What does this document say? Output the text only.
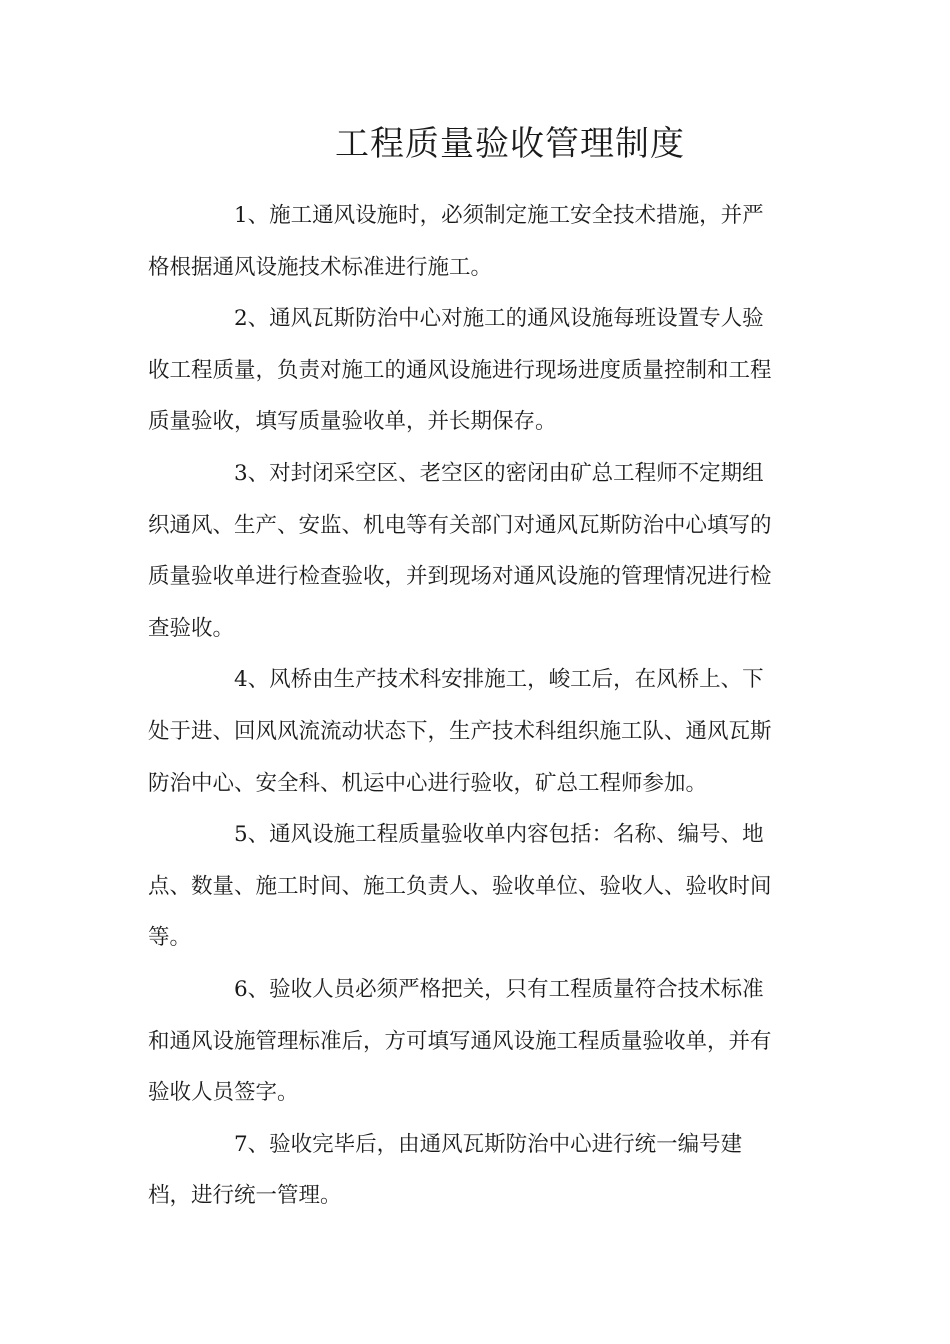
工程质量验收管理制度

1、施工通风设施时，必须制定施工安全技术措施，并严
格根据通风设施技术标准进行施工。

2、通风瓦斯防治中心对施工的通风设施每班设置专人验
收工程质量，负责对施工的通风设施进行现场进度质量控制和工程
质量验收，填写质量验收单，并长期保存。

3、对封闭采空区、老空区的密闭由矿总工程师不定期组
织通风、生产、安监、机电等有关部门对通风瓦斯防治中心填写的
质量验收单进行检查验收，并到现场对通风设施的管理情况进行检
查验收。

4、风桥由生产技术科安排施工，峻工后，在风桥上、下
处于进、回风风流流动状态下，生产技术科组织施工队、通风瓦斯
防治中心、安全科、机运中心进行验收，矿总工程师参加。

5、通风设施工程质量验收单内容包括：名称、编号、地
点、数量、施工时间、施工负责人、验收单位、验收人、验收时间
等。

6、验收人员必须严格把关，只有工程质量符合技术标准
和通风设施管理标准后，方可填写通风设施工程质量验收单，并有
验收人员签字。

7、验收完毕后，由通风瓦斯防治中心进行统一编号建
档，进行统一管理。
